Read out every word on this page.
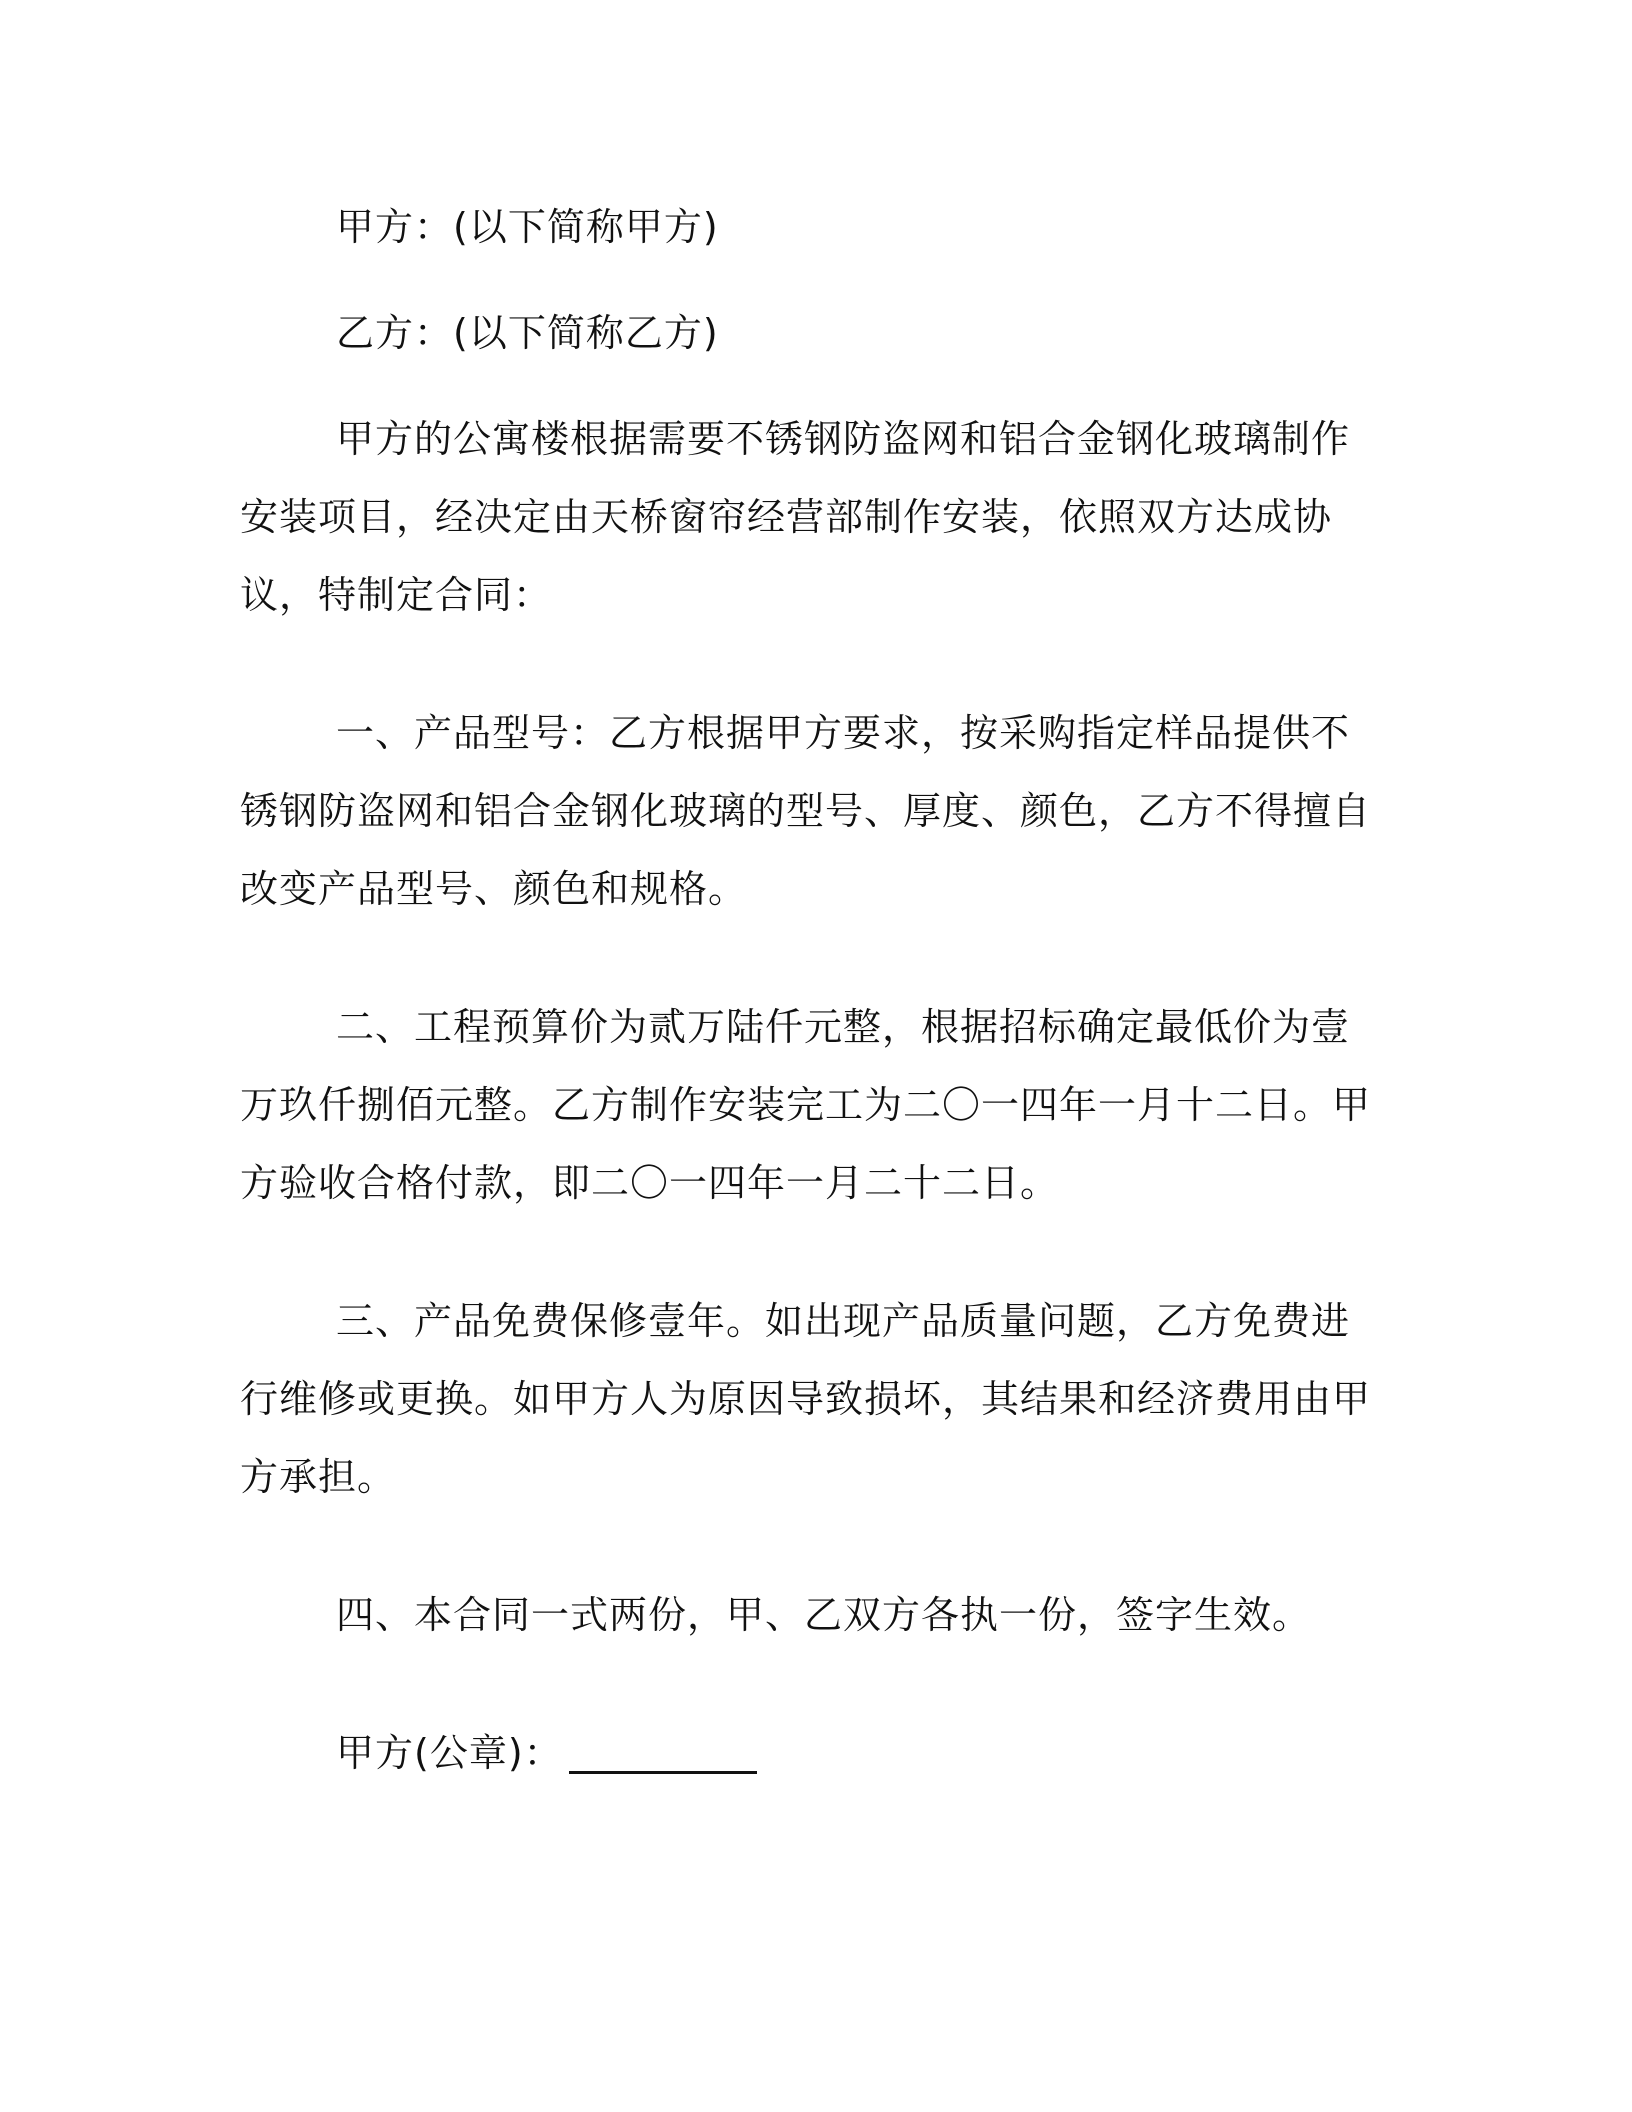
甲方：(以下简称甲方)

乙方：(以下简称乙方)

甲方的公寓楼根据需要不锈钢防盗网和铝合金钢化玻璃制作安装项目，经决定由天桥窗帘经营部制作安装，依照双方达成协议，特制定合同：

一、产品型号：乙方根据甲方要求，按采购指定样品提供不锈钢防盗网和铝合金钢化玻璃的型号、厚度、颜色，乙方不得擅自改变产品型号、颜色和规格。

二、工程预算价为贰万陆仟元整，根据招标确定最低价为壹万玖仟捌佰元整。乙方制作安装完工为二〇一四年一月十二日。甲方验收合格付款，即二〇一四年一月二十二日。

三、产品免费保修壹年。如出现产品质量问题，乙方免费进行维修或更换。如甲方人为原因导致损坏，其结果和经济费用由甲方承担。

四、本合同一式两份，甲、乙双方各执一份，签字生效。

甲方(公章)：
